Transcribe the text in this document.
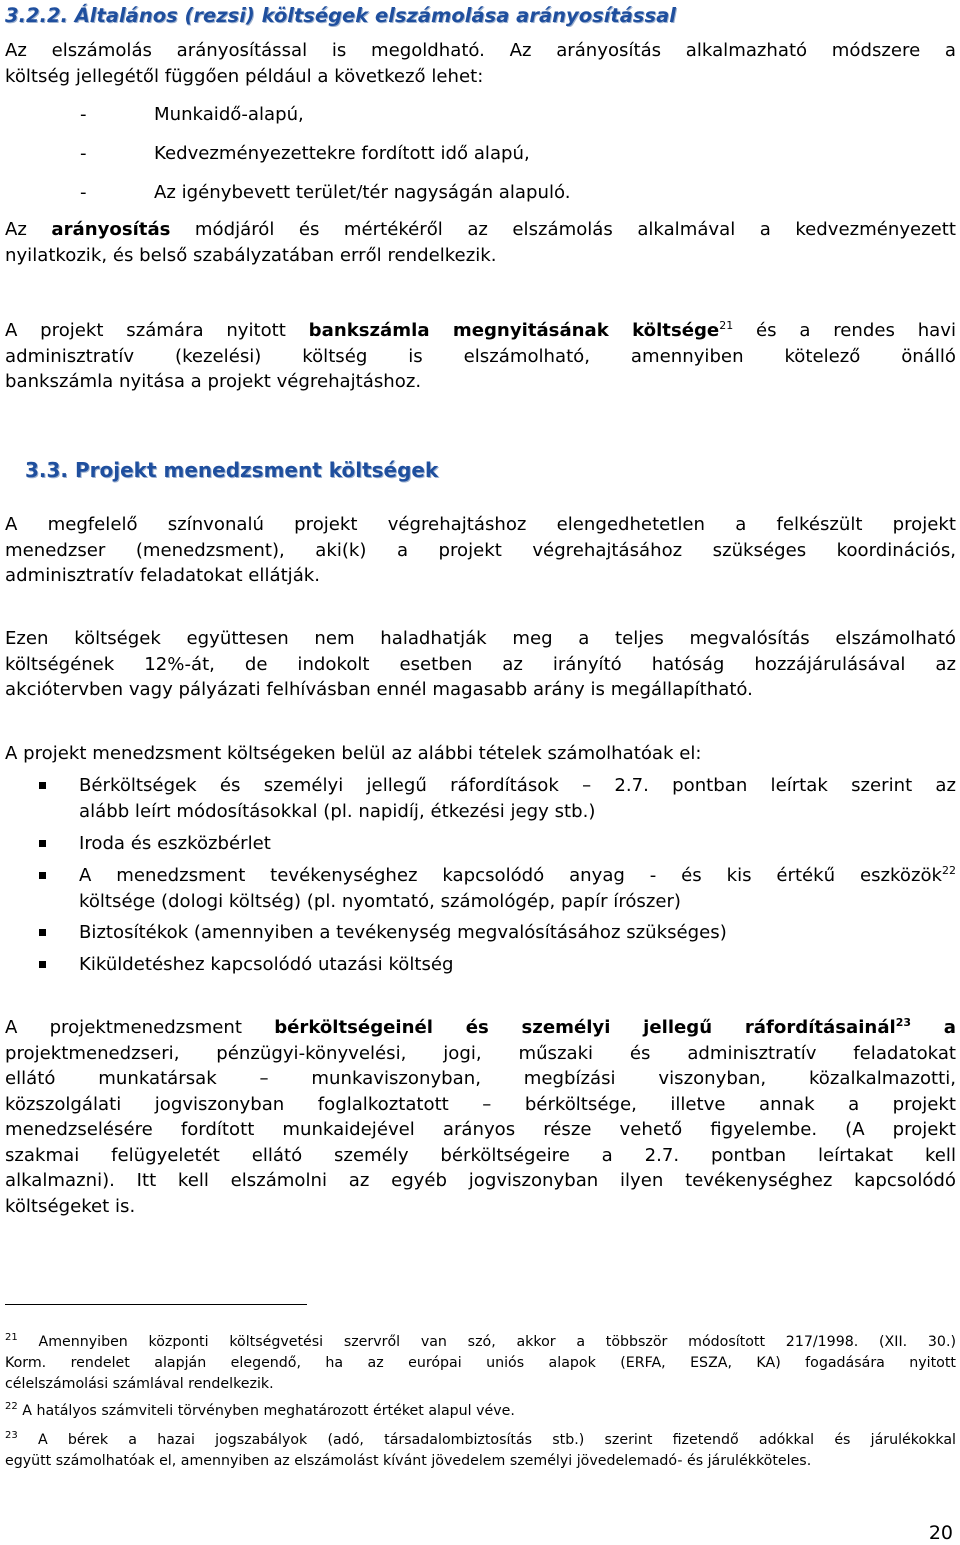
3.2.2. Általános (rezsi) költségek elszámolása arányosítással
Az elszámolás arányosítással is megoldható. Az arányosítás alkalmazható módszere a
költség jellegétől függően például a következő lehet:
-	Munkaidő-alapú,
-	Kedvezményezettekre fordított idő alapú,
-	Az igénybevett terület/tér nagyságán alapuló.
Az arányosítás módjáról és mértékéről az elszámolás alkalmával a kedvezményezett
nyilatkozik, és belső szabályzatában erről rendelkezik.
A projekt számára nyitott bankszámla megnyitásának költsége$^{21}$ és a rendes havi
adminisztratív (kezelési) költség is elszámolható, amennyiben kötelező önálló
bankszámla nyitása a projekt végrehajtáshoz.
3.3. Projekt menedzsment költségek
A megfelelő színvonalú projekt végrehajtáshoz elengedhetetlen a felkészült projekt
menedzser (menedzsment), aki(k) a projekt végrehajtásához szükséges koordinációs,
adminisztratív feladatokat ellátják.
Ezen költségek együttesen nem haladhatják meg a teljes megvalósítás elszámolható
költségének 12%-át, de indokolt esetben az irányító hatóság hozzájárulásával az
akciótervben vagy pályázati felhívásban ennél magasabb arány is megállapítható.
A projekt menedzsment költségeken belül az alábbi tételek számolhatóak el:
Bérköltségek és személyi jellegű ráfordítások – 2.7. pontban leírtak szerint az
alább leírt módosításokkal (pl. napidíj, étkezési jegy stb.)
Iroda és eszközbérlet
A menedzsment tevékenységhez kapcsolódó anyag - és kis értékű eszközök$^{22}$
költsége (dologi költség) (pl. nyomtató, számológép, papír írószer)
Biztosítékok (amennyiben a tevékenység megvalósításához szükséges)
Kiküldetéshez kapcsolódó utazási költség
A projektmenedzsment bérköltségeinél és személyi jellegű ráfordításainál$^{23}$ a
projektmenedzseri, pénzügyi-könyvelési, jogi, műszaki és adminisztratív feladatokat
ellátó munkatársak – munkaviszonyban, megbízási viszonyban, közalkalmazotti,
közszolgálati jogviszonyban foglalkoztatott – bérköltsége, illetve annak a projekt
menedzselésére fordított munkaidejével arányos része vehető figyelembe. (A projekt
szakmai felügyeletét ellátó személy bérköltségeire a 2.7. pontban leírtakat kell
alkalmazni). Itt kell elszámolni az egyéb jogviszonyban ilyen tevékenységhez kapcsolódó
költségeket is.
$^{21}$ Amennyiben központi költségvetési szervről van szó, akkor a többször módosított 217/1998. (XII. 30.)
Korm. rendelet alapján elegendő, ha az európai uniós alapok (ERFA, ESZA, KA) fogadására nyitott
célelszámolási számlával rendelkezik.
$^{22}$ A hatályos számviteli törvényben meghatározott értéket alapul véve.
$^{23}$ A bérek a hazai jogszabályok (adó, társadalombiztosítás stb.) szerint fizetendő adókkal és járulékokkal
együtt számolhatóak el, amennyiben az elszámolást kívánt jövedelem személyi jövedelemadó- és járulékköteles.
20
